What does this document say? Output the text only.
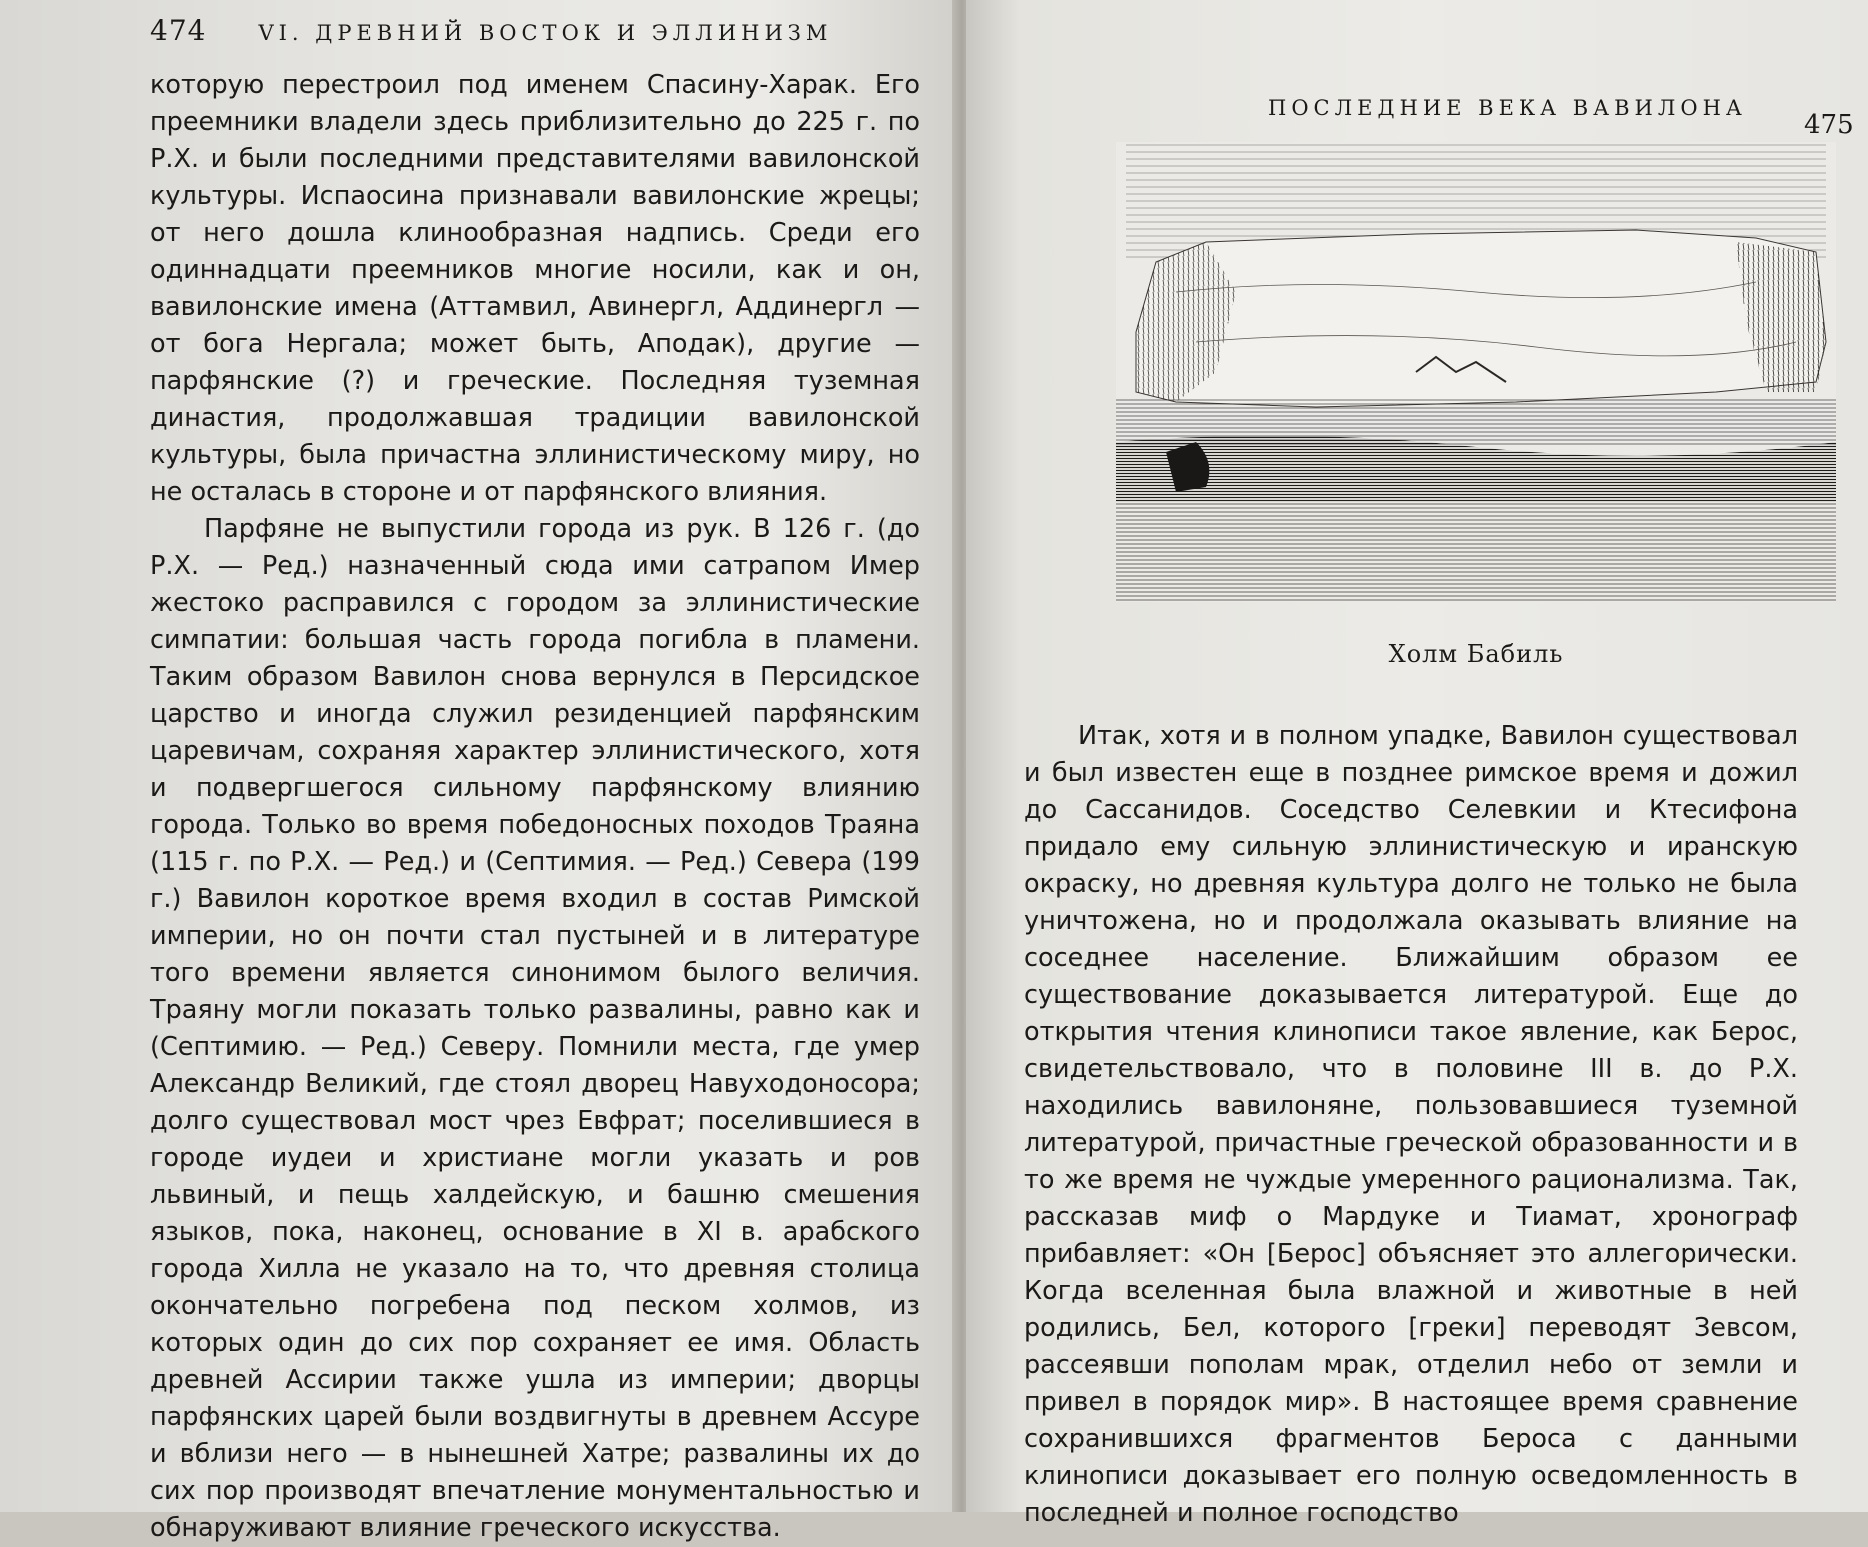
474 VI. ДРЕВНИЙ ВОСТОК И ЭЛЛИНИЗМ

которую перестроил под именем Спасину-Харак. Его преемники владели здесь приблизительно до 225 г. по Р.Х. и были последними представителями вавилонской культуры. Испаосина признавали вавилонские жрецы; от него дошла клинообразная надпись. Среди его одиннадцати преемников многие носили, как и он, вавилонские имена (Аттамвил, Авинергл, Аддинергл — от бога Нергала; может быть, Аподак), другие — парфянские (?) и греческие. Последняя туземная династия, продолжавшая традиции вавилонской культуры, была причастна эллинистическому миру, но не осталась в стороне и от парфянского влияния.

Парфяне не выпустили города из рук. В 126 г. (до Р.Х. — Ред.) назначенный сюда ими сатрапом Имер жестоко расправился с городом за эллинистические симпатии: большая часть города погибла в пламени. Таким образом Вавилон снова вернулся в Персидское царство и иногда служил резиденцией парфянским царевичам, сохраняя характер эллинистического, хотя и подвергшегося сильному парфянскому влиянию города. Только во время победоносных походов Траяна (115 г. по Р.Х. — Ред.) и (Септимия. — Ред.) Севера (199 г.) Вавилон короткое время входил в состав Римской империи, но он почти стал пустыней и в литературе того времени является синонимом былого величия. Траяну могли показать только развалины, равно как и (Септимию. — Ред.) Северу. Помнили места, где умер Александр Великий, где стоял дворец Навуходоносора; долго существовал мост чрез Евфрат; поселившиеся в городе иудеи и христиане могли указать и ров львиный, и пещь халдейскую, и башню смешения языков, пока, наконец, основание в XI в. арабского города Хилла не указало на то, что древняя столица окончательно погребена под песком холмов, из которых один до сих пор сохраняет ее имя. Область древней Ассирии также ушла из империи; дворцы парфянских царей были воздвигнуты в древнем Ассуре и вблизи него — в нынешней Хатре; развалины их до сих пор производят впечатление монументальностью и обнаруживают влияние греческого искусства.

ПОСЛЕДНИЕ ВЕКА ВАВИЛОНА
475
Холм Бабиль

Итак, хотя и в полном упадке, Вавилон существовал и был известен еще в позднее римское время и дожил до Сассанидов. Соседство Селевкии и Ктесифона придало ему сильную эллинистическую и иранскую окраску, но древняя культура долго не только не была уничтожена, но и продолжала оказывать влияние на соседнее население. Ближайшим образом ее существование доказывается литературой. Еще до открытия чтения клинописи такое явление, как Берос, свидетельствовало, что в половине III в. до Р.Х. находились вавилоняне, пользовавшиеся туземной литературой, причастные греческой образованности и в то же время не чуждые умеренного рационализма. Так, рассказав миф о Мардуке и Тиамат, хронограф прибавляет: «Он [Берос] объясняет это аллегорически. Когда вселенная была влажной и животные в ней родились, Бел, которого [греки] переводят Зевсом, рассеявши пополам мрак, отделил небо от земли и привел в порядок мир». В настоящее время сравнение сохранившихся фрагментов Бероса с данными клинописи доказывает его полную осведомленность в последней и полное господство
